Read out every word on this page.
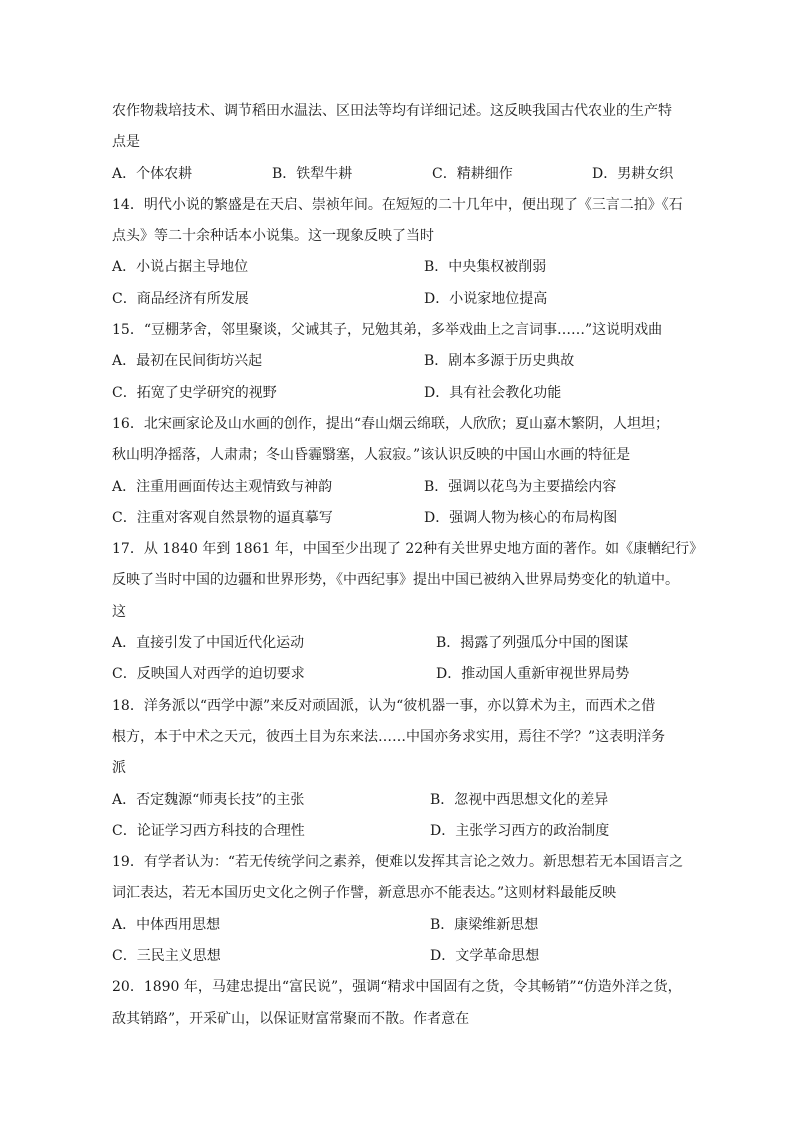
农作物栽培技术、调节稻田水温法、区田法等均有详细记述。这反映我国古代农业的生产特
点是
A．个体农耕	B．铁犁牛耕	C．精耕细作	D．男耕女织
14．明代小说的繁盛是在天启、崇祯年间。在短短的二十几年中，便出现了《三言二拍》《石
点头》等二十余种话本小说集。这一现象反映了当时
A．小说占据主导地位	B．中央集权被削弱
C．商品经济有所发展	D．小说家地位提高
15．“豆棚茅舍，邻里聚谈，父诫其子，兄勉其弟，多举戏曲上之言词事……”这说明戏曲
A．最初在民间街坊兴起	B．剧本多源于历史典故
C．拓宽了史学研究的视野	D．具有社会教化功能
16．北宋画家论及山水画的创作，提出“春山烟云绵联，人欣欣；夏山嘉木繁阴，人坦坦；
秋山明净摇落，人肃肃；冬山昏霾翳塞，人寂寂。”该认识反映的中国山水画的特征是
A．注重用画面传达主观情致与神韵	B．强调以花鸟为主要描绘内容
C．注重对客观自然景物的逼真摹写	D．强调人物为核心的布局构图
17．从 1840 年到 1861 年，中国至少出现了 22种有关世界史地方面的著作。如《康輶纪行》
反映了当时中国的边疆和世界形势，《中西纪事》提出中国已被纳入世界局势变化的轨道中。
这
A．直接引发了中国近代化运动	B．揭露了列强瓜分中国的图谋
C．反映国人对西学的迫切要求	D．推动国人重新审视世界局势
18．洋务派以“西学中源”来反对顽固派，认为“彼机器一事，亦以算术为主，而西术之借
根方，本于中术之天元，彼西土目为东来法……中国亦务求实用，焉往不学？”这表明洋务
派
A．否定魏源“师夷长技”的主张	B．忽视中西思想文化的差异
C．论证学习西方科技的合理性	D．主张学习西方的政治制度
19．有学者认为：“若无传统学问之素养，便难以发挥其言论之效力。新思想若无本国语言之
词汇表达，若无本国历史文化之例子作譬，新意思亦不能表达。”这则材料最能反映
A．中体西用思想	B．康梁维新思想
C．三民主义思想	D．文学革命思想
20．1890 年，马建忠提出“富民说”，强调“精求中国固有之货，令其畅销”“仿造外洋之货，
敌其销路”，开采矿山，以保证财富常聚而不散。作者意在
